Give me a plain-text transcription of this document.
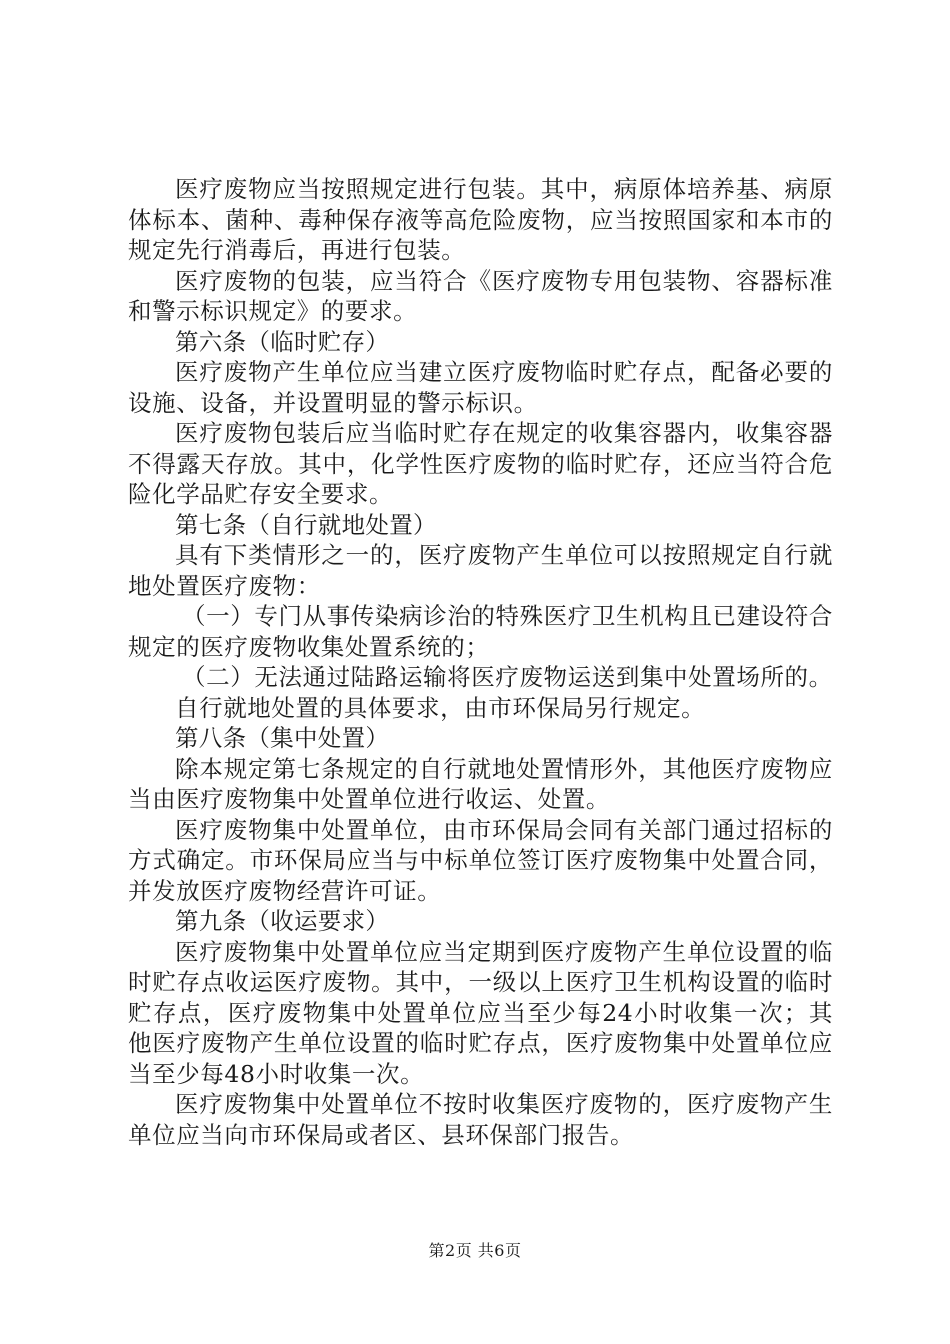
医疗废物应当按照规定进行包装。其中，病原体培养基、病原体标本、菌种、毒种保存液等高危险废物，应当按照国家和本市的规定先行消毒后，再进行包装。

医疗废物的包装，应当符合《医疗废物专用包装物、容器标准和警示标识规定》的要求。

第六条（临时贮存）

医疗废物产生单位应当建立医疗废物临时贮存点，配备必要的设施、设备，并设置明显的警示标识。

医疗废物包装后应当临时贮存在规定的收集容器内，收集容器不得露天存放。其中，化学性医疗废物的临时贮存，还应当符合危险化学品贮存安全要求。

第七条（自行就地处置）

具有下类情形之一的，医疗废物产生单位可以按照规定自行就地处置医疗废物：

（一）专门从事传染病诊治的特殊医疗卫生机构且已建设符合规定的医疗废物收集处置系统的；

（二）无法通过陆路运输将医疗废物运送到集中处置场所的。

自行就地处置的具体要求，由市环保局另行规定。

第八条（集中处置）

除本规定第七条规定的自行就地处置情形外，其他医疗废物应当由医疗废物集中处置单位进行收运、处置。

医疗废物集中处置单位，由市环保局会同有关部门通过招标的方式确定。市环保局应当与中标单位签订医疗废物集中处置合同，并发放医疗废物经营许可证。

第九条（收运要求）

医疗废物集中处置单位应当定期到医疗废物产生单位设置的临时贮存点收运医疗废物。其中，一级以上医疗卫生机构设置的临时贮存点，医疗废物集中处置单位应当至少每24小时收集一次；其他医疗废物产生单位设置的临时贮存点，医疗废物集中处置单位应当至少每48小时收集一次。

医疗废物集中处置单位不按时收集医疗废物的，医疗废物产生单位应当向市环保局或者区、县环保部门报告。

第2页 共6页
